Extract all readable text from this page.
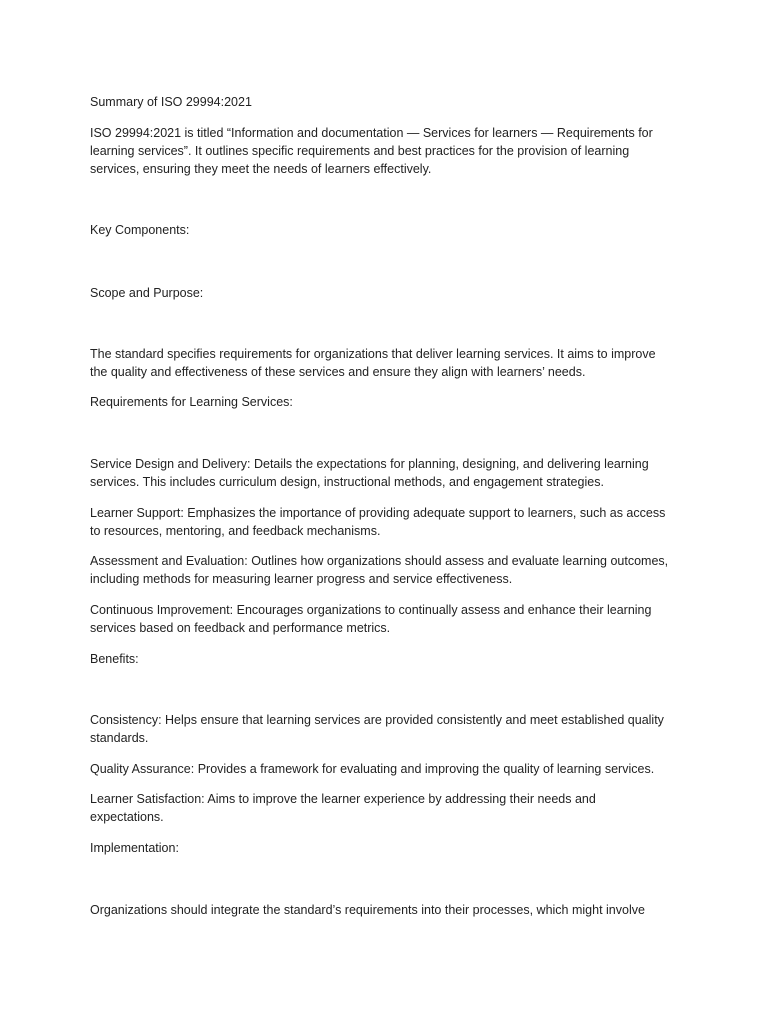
Summary of ISO 29994:2021

ISO 29994:2021 is titled “Information and documentation — Services for learners — Requirements for

learning services”. It outlines specific requirements and best practices for the provision of learning

services, ensuring they meet the needs of learners effectively.

Key Components:

Scope and Purpose:

The standard specifies requirements for organizations that deliver learning services. It aims to improve

the quality and effectiveness of these services and ensure they align with learners’ needs.

Requirements for Learning Services:

Service Design and Delivery: Details the expectations for planning, designing, and delivering learning

services. This includes curriculum design, instructional methods, and engagement strategies.

Learner Support: Emphasizes the importance of providing adequate support to learners, such as access

to resources, mentoring, and feedback mechanisms.

Assessment and Evaluation: Outlines how organizations should assess and evaluate learning outcomes,

including methods for measuring learner progress and service effectiveness.

Continuous Improvement: Encourages organizations to continually assess and enhance their learning

services based on feedback and performance metrics.

Benefits:

Consistency: Helps ensure that learning services are provided consistently and meet established quality

standards.

Quality Assurance: Provides a framework for evaluating and improving the quality of learning services.

Learner Satisfaction: Aims to improve the learner experience by addressing their needs and

expectations.

Implementation:

Organizations should integrate the standard’s requirements into their processes, which might involve
